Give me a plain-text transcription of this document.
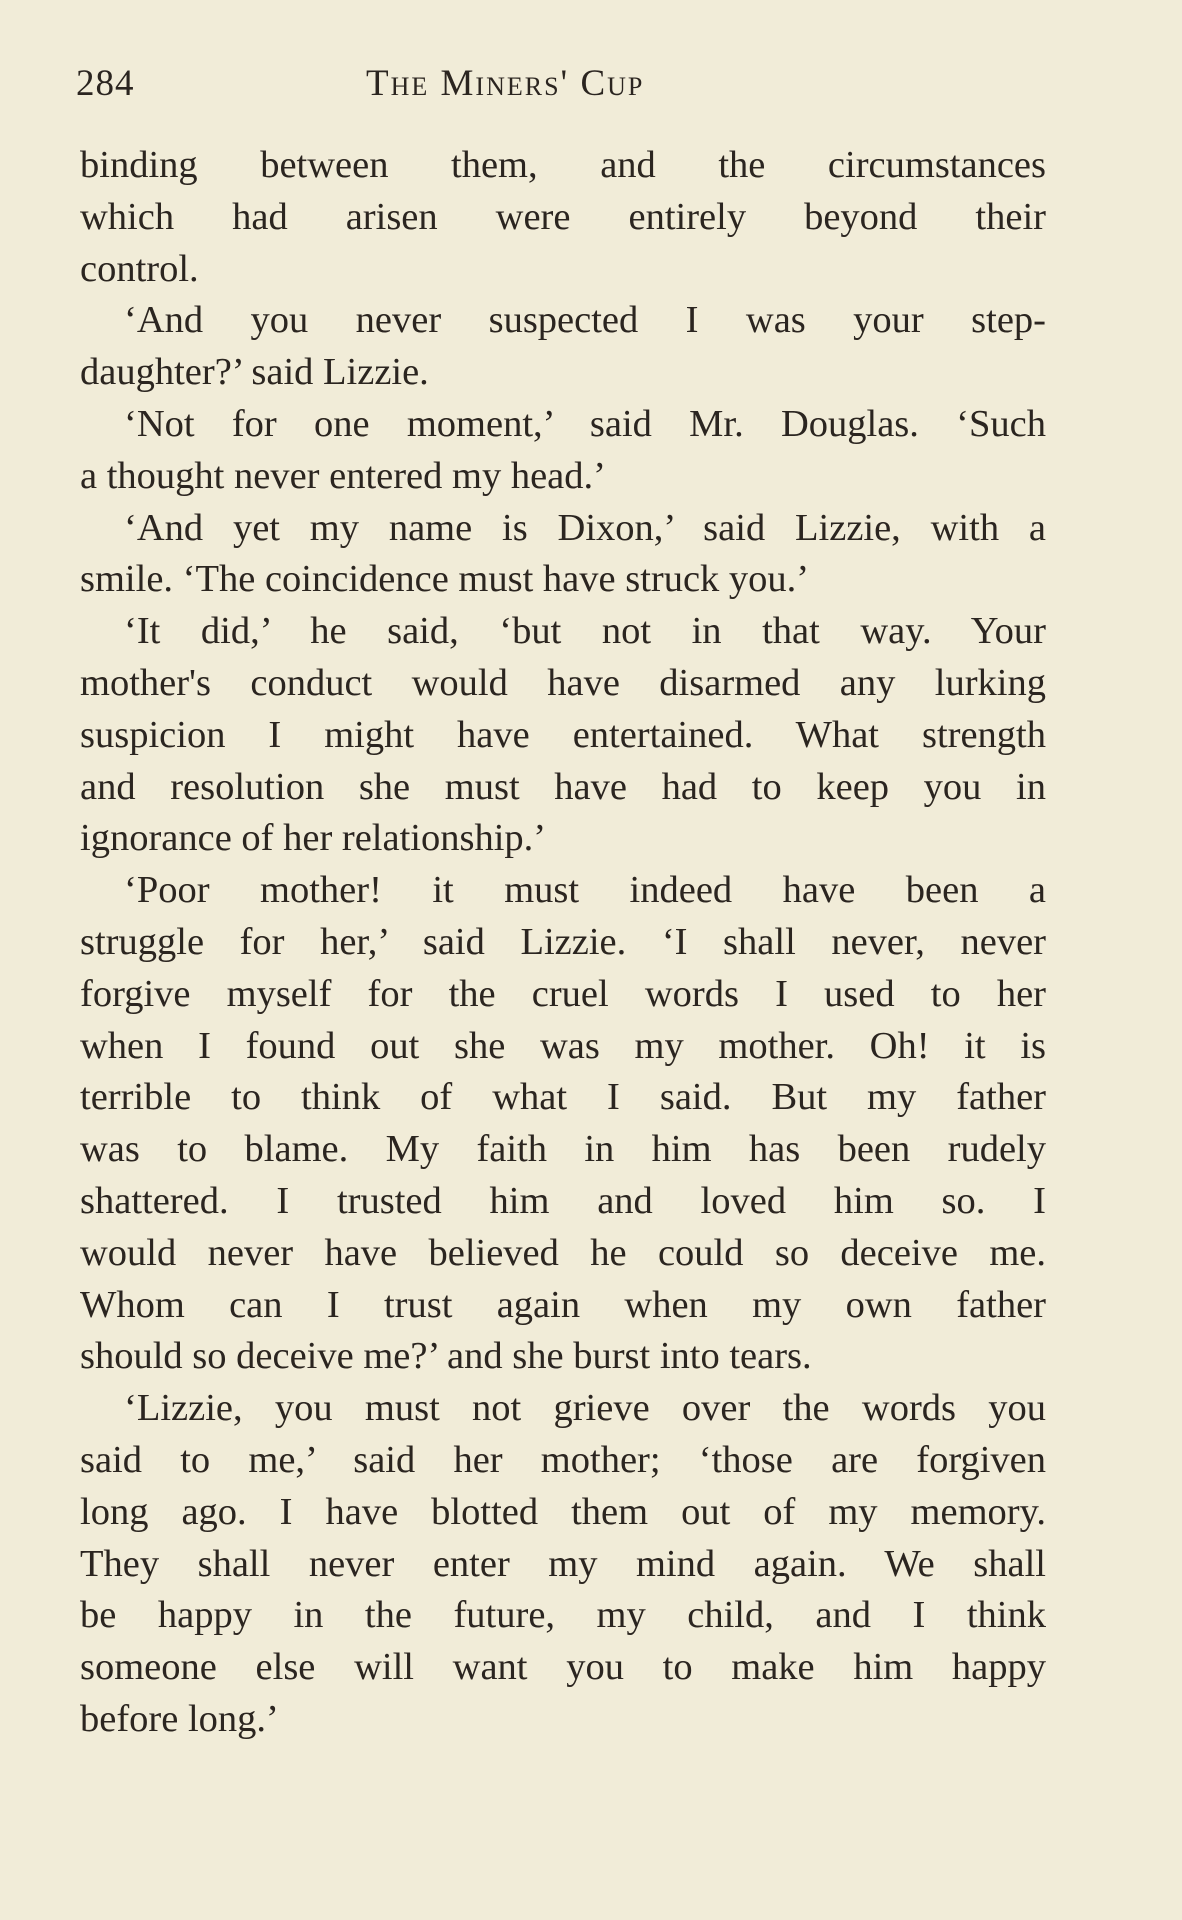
284	The Miners' Cup
binding between them, and the circumstances
which had arisen were entirely beyond their
control.
‘And you never suspected I was your step-
daughter?’ said Lizzie.
‘Not for one moment,’ said Mr. Douglas. ‘Such
a thought never entered my head.’
‘And yet my name is Dixon,’ said Lizzie, with a
smile. ‘The coincidence must have struck you.’
‘It did,’ he said, ‘but not in that way. Your
mother's conduct would have disarmed any lurking
suspicion I might have entertained. What strength
and resolution she must have had to keep you in
ignorance of her relationship.’
‘Poor mother! it must indeed have been a
struggle for her,’ said Lizzie. ‘I shall never, never
forgive myself for the cruel words I used to her
when I found out she was my mother. Oh! it is
terrible to think of what I said. But my father
was to blame. My faith in him has been rudely
shattered. I trusted him and loved him so. I
would never have believed he could so deceive me.
Whom can I trust again when my own father
should so deceive me?’ and she burst into tears.
‘Lizzie, you must not grieve over the words you
said to me,’ said her mother; ‘those are forgiven
long ago. I have blotted them out of my memory.
They shall never enter my mind again. We shall
be happy in the future, my child, and I think
someone else will want you to make him happy
before long.’
